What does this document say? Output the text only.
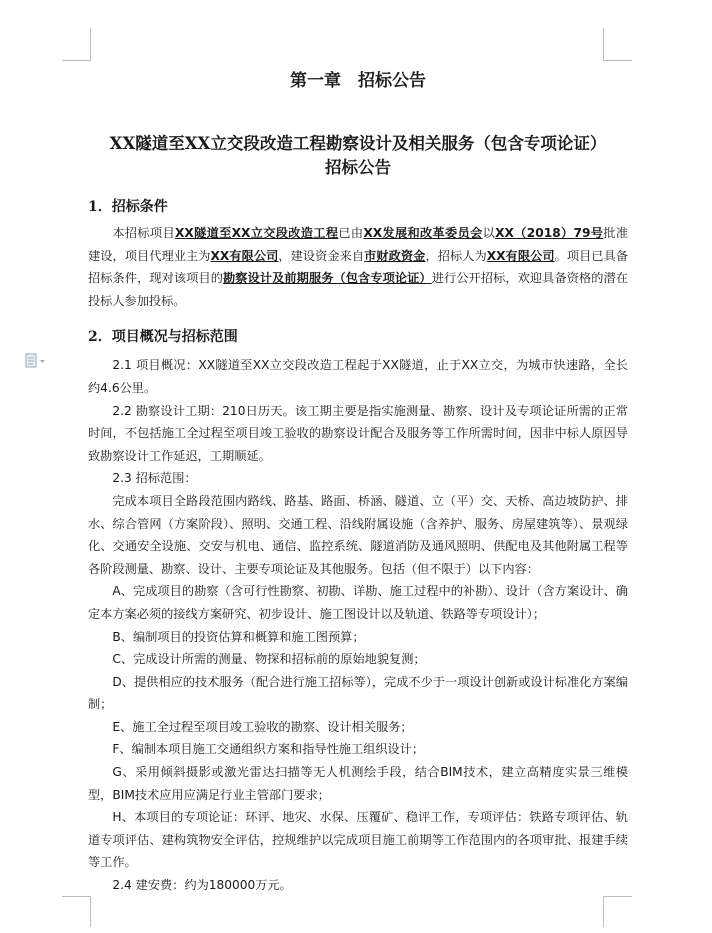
第一章　招标公告
XX隧道至XX立交段改造工程勘察设计及相关服务（包含专项论证）
招标公告
1．招标条件

本招标项目XX隧道至XX立交段改造工程已由XX发展和改革委员会以XX（2018）79号批准建设，项目代理业主为XX有限公司，建设资金来自市财政资金，招标人为XX有限公司。项目已具备招标条件，现对该项目的勘察设计及前期服务（包含专项论证）进行公开招标，欢迎具备资格的潜在投标人参加投标。

2．项目概况与招标范围

2.1 项目概况：XX隧道至XX立交段改造工程起于XX隧道，止于XX立交，为城市快速路，全长约4.6公里。

2.2 勘察设计工期：210日历天。该工期主要是指实施测量、勘察、设计及专项论证所需的正常时间，不包括施工全过程至项目竣工验收的勘察设计配合及服务等工作所需时间，因非中标人原因导致勘察设计工作延迟，工期顺延。

2.3 招标范围：

完成本项目全路段范围内路线、路基、路面、桥涵、隧道、立（平）交、天桥、高边坡防护、排水、综合管网（方案阶段）、照明、交通工程、沿线附属设施（含养护、服务、房屋建筑等）、景观绿化、交通安全设施、交安与机电、通信、监控系统、隧道消防及通风照明、供配电及其他附属工程等各阶段测量、勘察、设计、主要专项论证及其他服务。包括（但不限于）以下内容：

A、完成项目的勘察（含可行性勘察、初勘、详勘、施工过程中的补勘）、设计（含方案设计、确定本方案必须的接线方案研究、初步设计、施工图设计以及轨道、铁路等专项设计）；

B、编制项目的投资估算和概算和施工图预算；

C、完成设计所需的测量、物探和招标前的原始地貌复测；

D、提供相应的技术服务（配合进行施工招标等），完成不少于一项设计创新或设计标准化方案编制；

E、施工全过程至项目竣工验收的勘察、设计相关服务；

F、编制本项目施工交通组织方案和指导性施工组织设计；

G、采用倾斜摄影或激光雷达扫描等无人机测绘手段，结合BIM技术，建立高精度实景三维模型，BIM技术应用应满足行业主管部门要求；

H、本项目的专项论证：环评、地灾、水保、压覆矿、稳评工作，专项评估：铁路专项评估、轨道专项评估、建构筑物安全评估，控规维护以完成项目施工前期等工作范围内的各项审批、报建手续等工作。

2.4 建安费：约为180000万元。
